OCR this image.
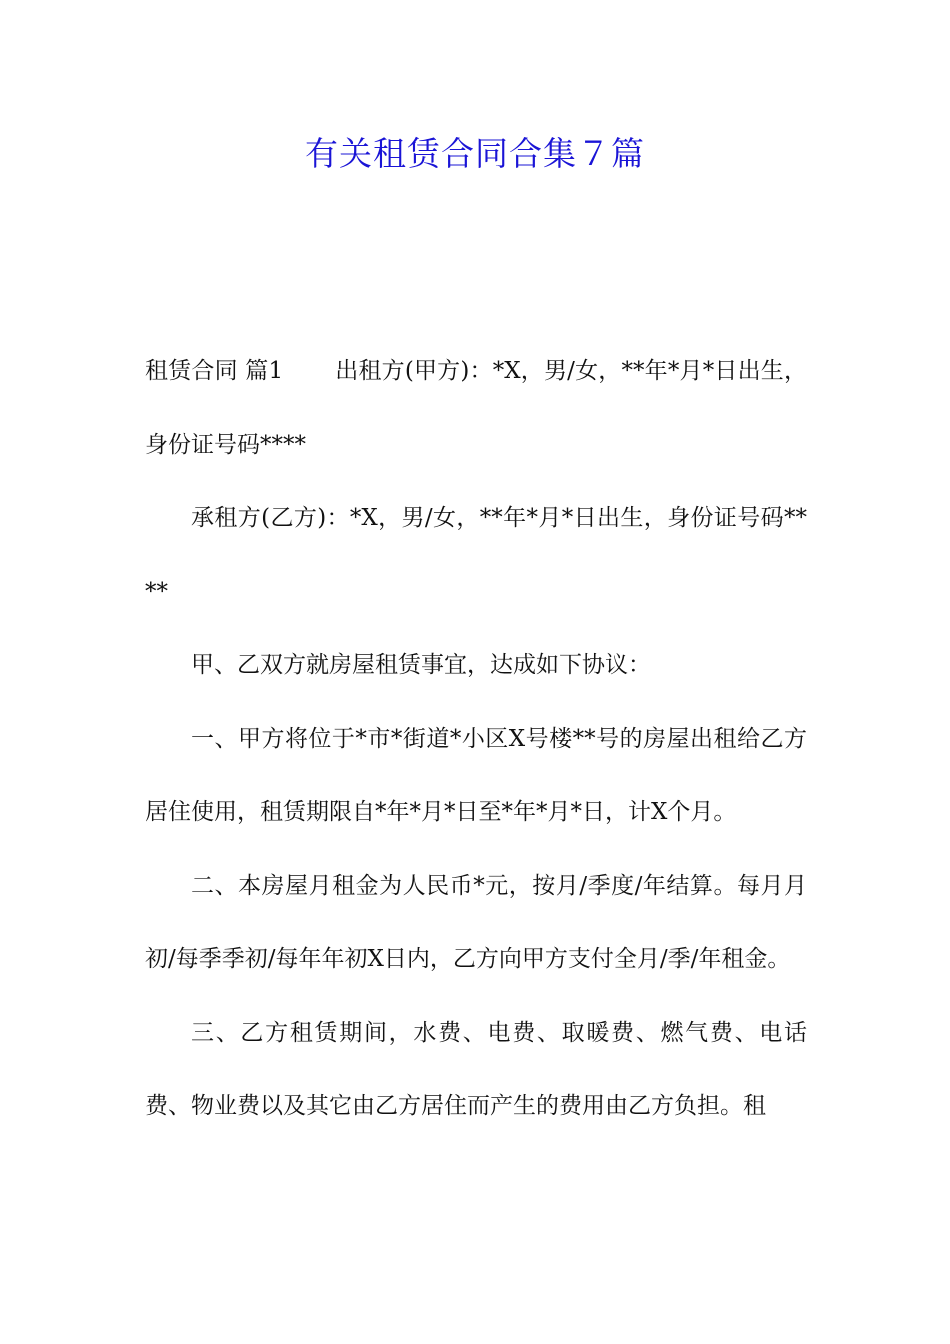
有关租赁合同合集７篇

租赁合同 篇1 出租方(甲方)：*X，男/女，**年*月*日出生，身份证号码****

承租方(乙方)：*X，男/女，**年*月*日出生，身份证号码****

甲、乙双方就房屋租赁事宜，达成如下协议：

一、甲方将位于*市*街道*小区X号楼**号的房屋出租给乙方居住使用，租赁期限自*年*月*日至*年*月*日，计X个月。

二、本房屋月租金为人民币*元，按月/季度/年结算。每月月初/每季季初/每年年初X日内，乙方向甲方支付全月/季/年租金。

三、乙方租赁期间，水费、电费、取暖费、燃气费、电话费、物业费以及其它由乙方居住而产生的费用由乙方负担。租
